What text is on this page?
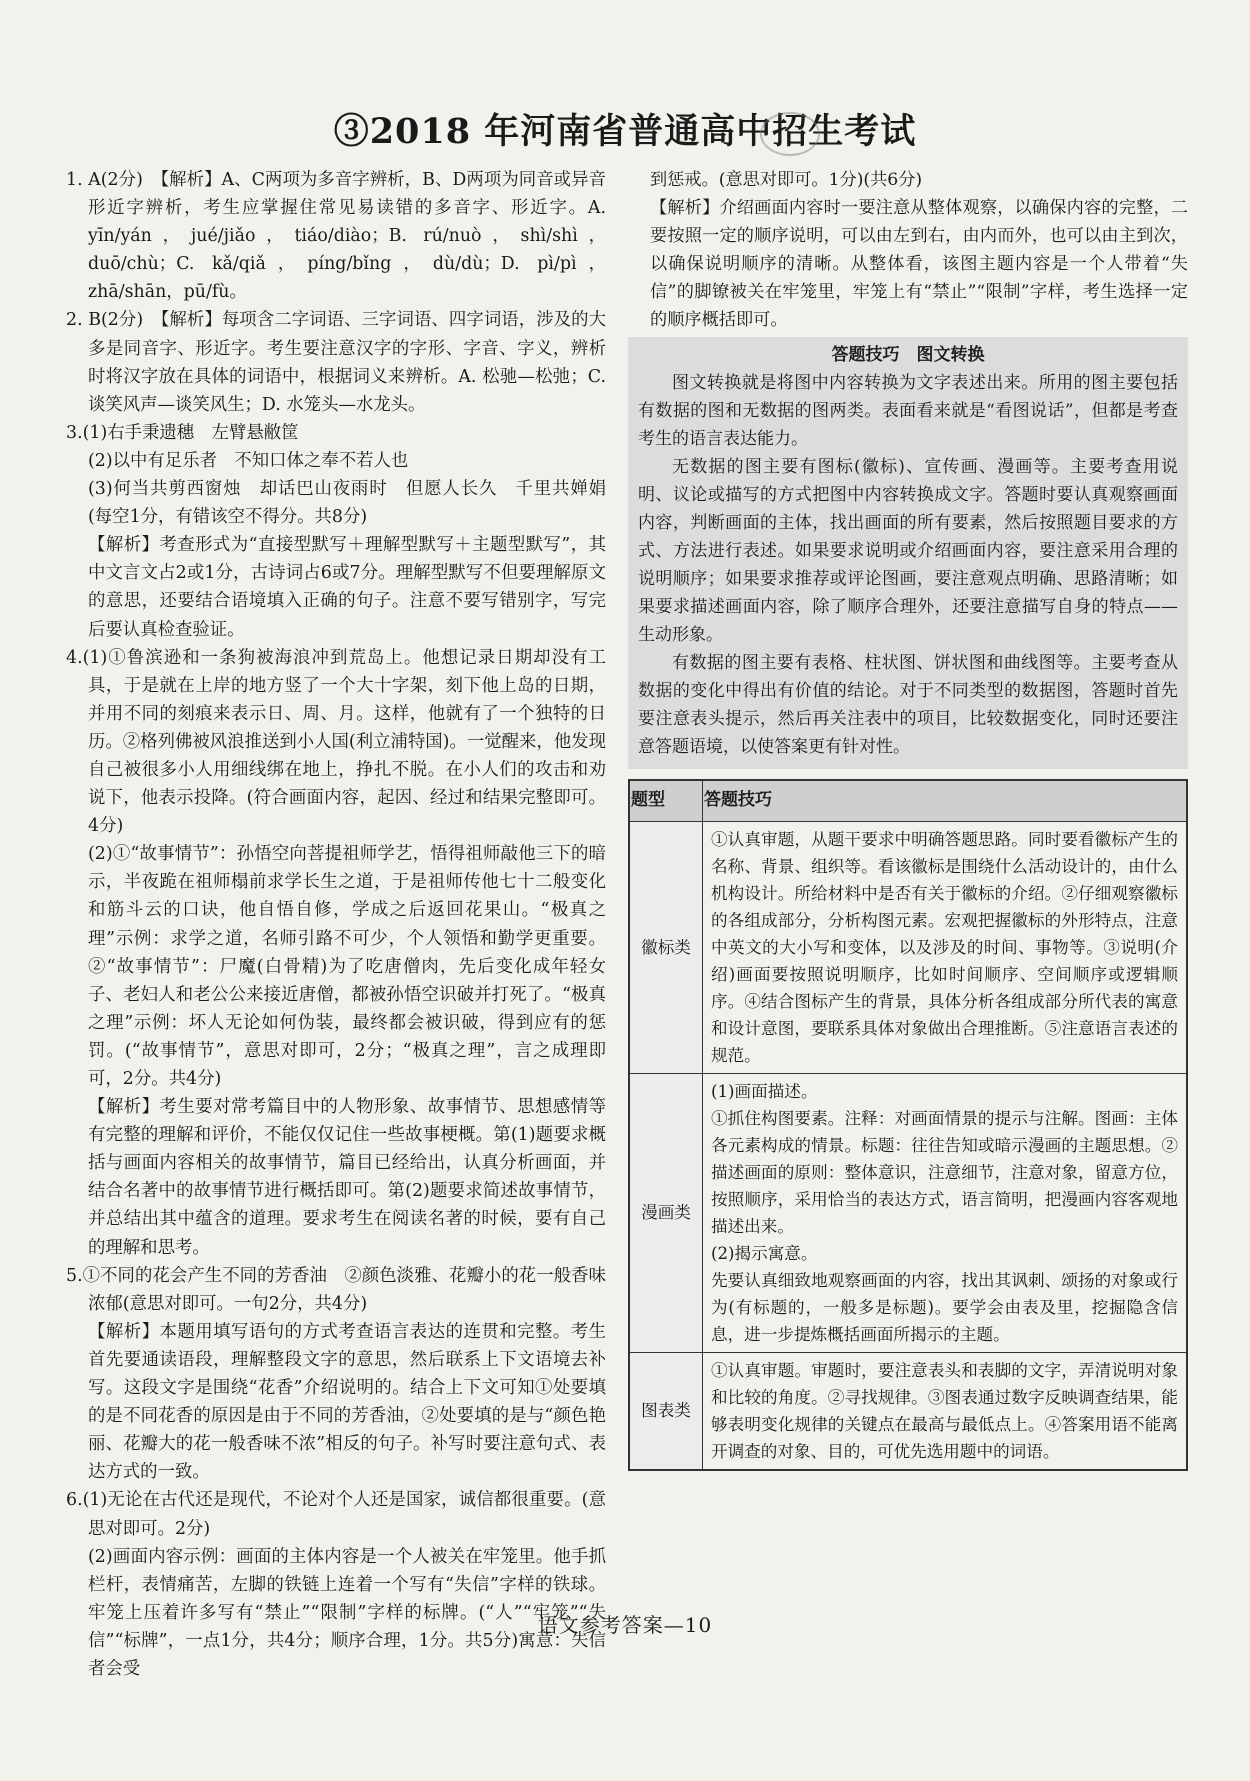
③2018 年河南省普通高中招生考试

1. A(2分)　【解析】A、C两项为多音字辨析，B、D两项为同音或异音形近字辨析，考生应掌握住常见易读错的多音字、形近字。A. yīn/yán，jué/jiǎo，tiáo/diào；B. rú/nuò，shì/shì，duō/chù；C. kǎ/qiǎ，píng/bǐng，dù/dù；D. pì/pì，zhā/shān，pū/fù。

2. B(2分)　【解析】每项含二字词语、三字词语、四字词语，涉及的大多是同音字、形近字。考生要注意汉字的字形、字音、字义，辨析时将汉字放在具体的词语中，根据词义来辨析。A. 松驰—松弛；C. 谈笑风声—谈笑风生；D. 水笼头—水龙头。

3.(1)右手秉遗穗　左臂悬敝筐

(2)以中有足乐者　不知口体之奉不若人也

(3)何当共剪西窗烛　却话巴山夜雨时　但愿人长久　千里共婵娟(每空1分，有错该空不得分。共8分)

【解析】考查形式为“直接型默写＋理解型默写＋主题型默写”，其中文言文占2或1分，古诗词占6或7分。理解型默写不但要理解原文的意思，还要结合语境填入正确的句子。注意不要写错别字，写完后要认真检查验证。

4.(1)①鲁滨逊和一条狗被海浪冲到荒岛上。他想记录日期却没有工具，于是就在上岸的地方竖了一个大十字架，刻下他上岛的日期，并用不同的刻痕来表示日、周、月。这样，他就有了一个独特的日历。②格列佛被风浪推送到小人国(利立浦特国)。一觉醒来，他发现自己被很多小人用细线绑在地上，挣扎不脱。在小人们的攻击和劝说下，他表示投降。(符合画面内容，起因、经过和结果完整即可。4分)

(2)①“故事情节”：孙悟空向菩提祖师学艺，悟得祖师敲他三下的暗示，半夜跪在祖师榻前求学长生之道，于是祖师传他七十二般变化和筋斗云的口诀，他自悟自修，学成之后返回花果山。“极真之理”示例：求学之道，名师引路不可少，个人领悟和勤学更重要。②“故事情节”：尸魔(白骨精)为了吃唐僧肉，先后变化成年轻女子、老妇人和老公公来接近唐僧，都被孙悟空识破并打死了。“极真之理”示例：坏人无论如何伪装，最终都会被识破，得到应有的惩罚。(“故事情节”，意思对即可，2分；“极真之理”，言之成理即可，2分。共4分)

【解析】考生要对常考篇目中的人物形象、故事情节、思想感情等有完整的理解和评价，不能仅仅记住一些故事梗概。第(1)题要求概括与画面内容相关的故事情节，篇目已经给出，认真分析画面，并结合名著中的故事情节进行概括即可。第(2)题要求简述故事情节，并总结出其中蕴含的道理。要求考生在阅读名著的时候，要有自己的理解和思考。

5.①不同的花会产生不同的芳香油　②颜色淡雅、花瓣小的花一般香味浓郁(意思对即可。一句2分，共4分)

【解析】本题用填写语句的方式考查语言表达的连贯和完整。考生首先要通读语段，理解整段文字的意思，然后联系上下文语境去补写。这段文字是围绕“花香”介绍说明的。结合上下文可知①处要填的是不同花香的原因是由于不同的芳香油，②处要填的是与“颜色艳丽、花瓣大的花一般香味不浓”相反的句子。补写时要注意句式、表达方式的一致。

6.(1)无论在古代还是现代，不论对个人还是国家，诚信都很重要。(意思对即可。2分)

(2)画面内容示例：画面的主体内容是一个人被关在牢笼里。他手抓栏杆，表情痛苦，左脚的铁链上连着一个写有“失信”字样的铁球。牢笼上压着许多写有“禁止”“限制”字样的标牌。(“人”“牢笼”“失信”“标牌”，一点1分，共4分；顺序合理，1分。共5分)寓意：失信者会受

到惩戒。(意思对即可。1分)(共6分)

【解析】介绍画面内容时一要注意从整体观察，以确保内容的完整，二要按照一定的顺序说明，可以由左到右，由内而外，也可以由主到次，以确保说明顺序的清晰。从整体看，该图主题内容是一个人带着“失信”的脚镣被关在牢笼里，牢笼上有“禁止”“限制”字样，考生选择一定的顺序概括即可。

答题技巧　图文转换

图文转换就是将图中内容转换为文字表述出来。所用的图主要包括有数据的图和无数据的图两类。表面看来就是“看图说话”，但都是考查考生的语言表达能力。

无数据的图主要有图标(徽标)、宣传画、漫画等。主要考查用说明、议论或描写的方式把图中内容转换成文字。答题时要认真观察画面内容，判断画面的主体，找出画面的所有要素，然后按照题目要求的方式、方法进行表述。如果要求说明或介绍画面内容，要注意采用合理的说明顺序；如果要求推荐或评论图画，要注意观点明确、思路清晰；如果要求描述画面内容，除了顺序合理外，还要注意描写自身的特点——生动形象。

有数据的图主要有表格、柱状图、饼状图和曲线图等。主要考查从数据的变化中得出有价值的结论。对于不同类型的数据图，答题时首先要注意表头提示，然后再关注表中的项目，比较数据变化，同时还要注意答题语境，以使答案更有针对性。

题型	答题技巧
徽标类	①认真审题，从题干要求中明确答题思路。同时要看徽标产生的名称、背景、组织等。看该徽标是围绕什么活动设计的，由什么机构设计。所给材料中是否有关于徽标的介绍。②仔细观察徽标的各组成部分，分析构图元素。宏观把握徽标的外形特点，注意中英文的大小写和变体，以及涉及的时间、事物等。③说明(介绍)画面要按照说明顺序，比如时间顺序、空间顺序或逻辑顺序。④结合图标产生的背景，具体分析各组成部分所代表的寓意和设计意图，要联系具体对象做出合理推断。⑤注意语言表述的规范。
漫画类	(1)画面描述。
①抓住构图要素。注释：对画面情景的提示与注解。图画：主体各元素构成的情景。标题：往往告知或暗示漫画的主题思想。②描述画面的原则：整体意识，注意细节，注意对象，留意方位，按照顺序，采用恰当的表达方式，语言简明，把漫画内容客观地描述出来。
(2)揭示寓意。
先要认真细致地观察画面的内容，找出其讽刺、颂扬的对象或行为(有标题的，一般多是标题)。要学会由表及里，挖掘隐含信息，进一步提炼概括画面所揭示的主题。
图表类	①认真审题。审题时，要注意表头和表脚的文字，弄清说明对象和比较的角度。②寻找规律。③图表通过数字反映调查结果，能够表明变化规律的关键点在最高与最低点上。④答案用语不能离开调查的对象、目的，可优先选用题中的词语。
语文参考答案—10
